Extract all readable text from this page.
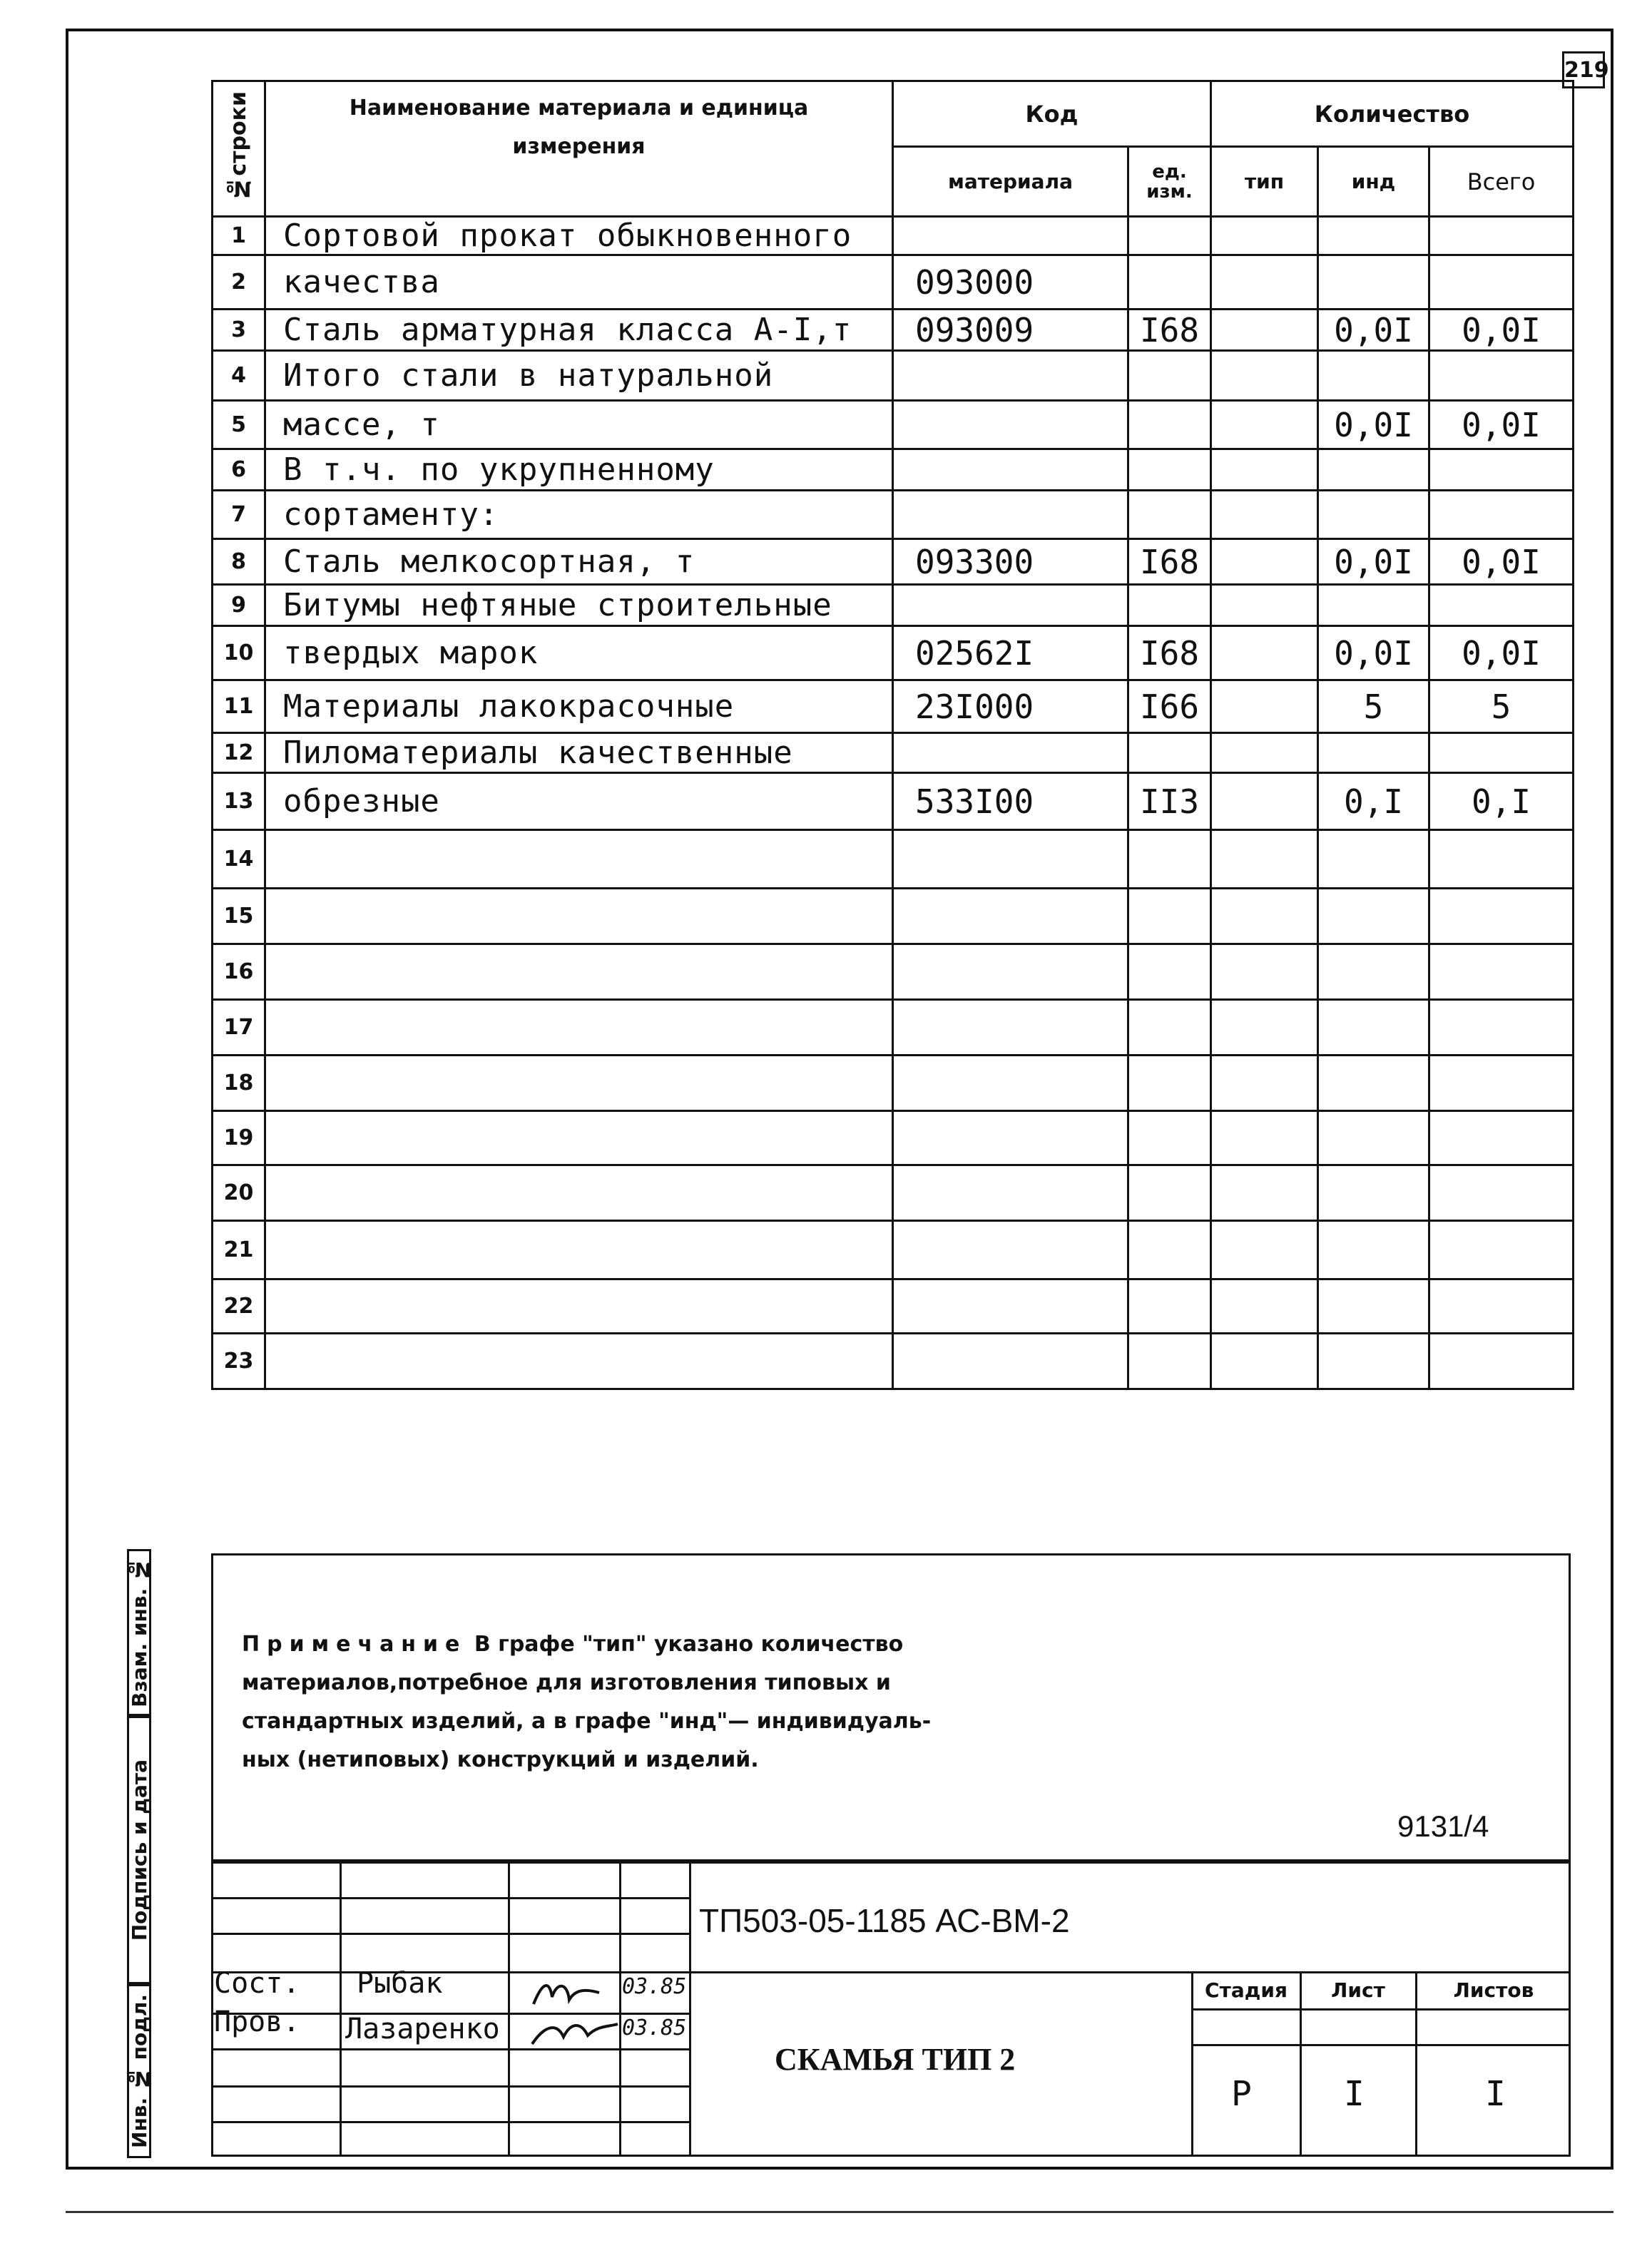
219
№строки	Наименование материала и единица измерения	Код		Количество		
		материала	ед. изм.	тип	инд	Всего
1	Сортовой прокат обыкновенного					
2	качества	093000				
3	Сталь арматурная класса А-I,т	093009	I68		0,0I	0,0I
4	Итого стали в натуральной					
5	массе, т				0,0I	0,0I
6	В т.ч. по укрупненному					
7	сортаменту:					
8	Сталь мелкосортная, т	093300	I68		0,0I	0,0I
9	Битумы нефтяные строительные					
10	твердых марок	02562I	I68		0,0I	0,0I
11	Материалы лакокрасочные	23I000	I66		5	5
12	Пиломатериалы качественные					
13	обрезные	533I00	II3		0,I	0,I
14						
15						
16						
17						
18						
19						
20						
21						
22						
23						
Примечание В графе "тип" указано количество
материалов,потребное для изготовления типовых и
стандартных изделий, а в графе "инд"— индивидуаль-
ных (нетиповых) конструкций и изделий.
9131/4
Взам. инв. №
Подпись и дата
Инв. № подл.
ТП503-05-1185 АС-ВМ-2
Сост. Рыбак	03.85
Пров. Лазаренко	03.85
СКАМЬЯ ТИП 2
Стадия	Лист	Листов
Р	I	I
